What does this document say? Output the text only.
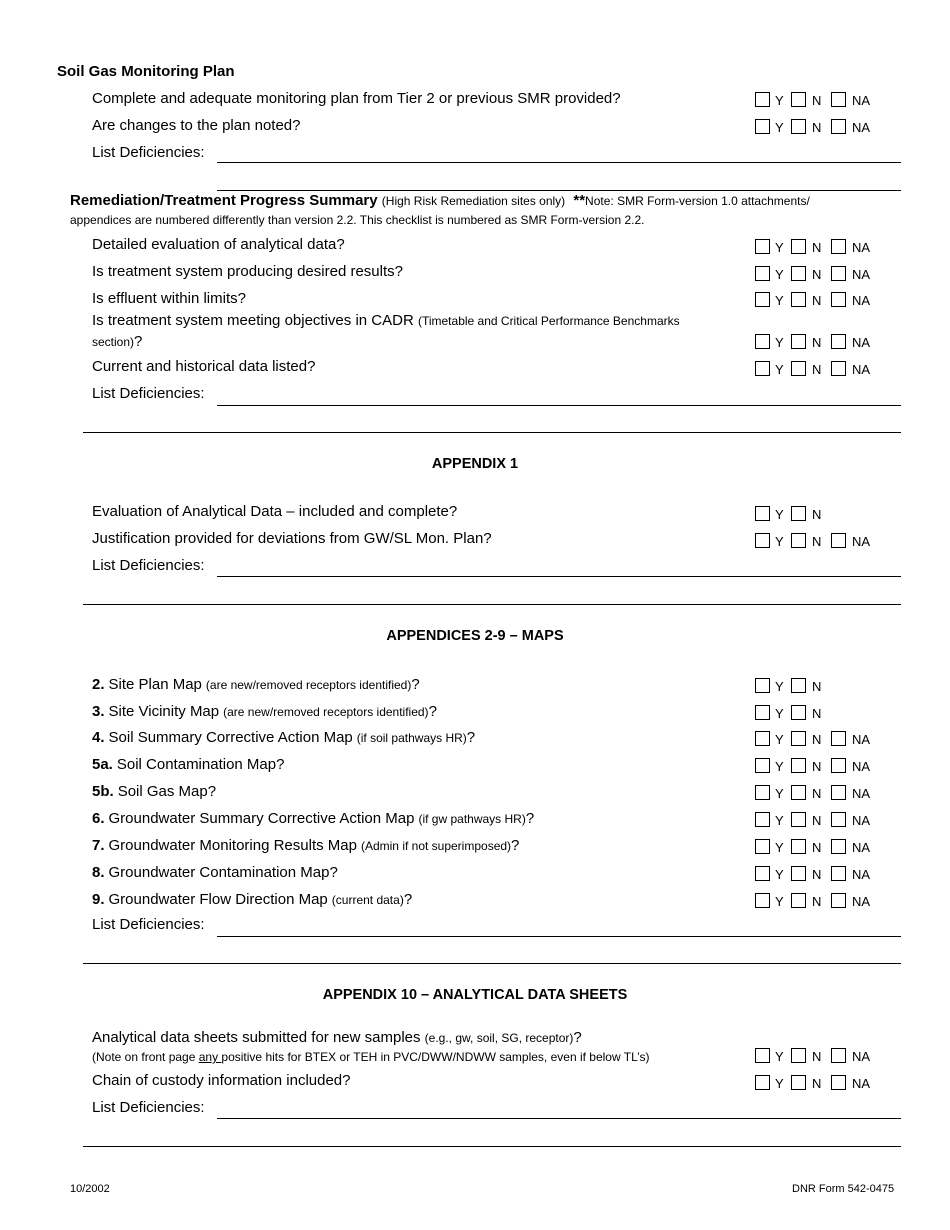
Soil Gas Monitoring Plan
Complete and adequate monitoring plan from Tier 2 or previous SMR provided?
Are changes to the plan noted?
List Deficiencies:
Remediation/Treatment Progress Summary (High Risk Remediation sites only) **Note: SMR Form-version 1.0 attachments/
appendices are numbered differently than version 2.2. This checklist is numbered as SMR Form-version 2.2.
Detailed evaluation of analytical data?
Is treatment system producing desired results?
Is effluent within limits?
Is treatment system meeting objectives in CADR (Timetable and Critical Performance Benchmarks
section)?
Current and historical data listed?
List Deficiencies:
APPENDIX 1
Evaluation of Analytical Data – included and complete?
Justification provided for deviations from GW/SL Mon. Plan?
List Deficiencies:
APPENDICES 2-9 – MAPS
2. Site Plan Map (are new/removed receptors identified)?
3. Site Vicinity Map (are new/removed receptors identified)?
4. Soil Summary Corrective Action Map (if soil pathways HR)?
5a. Soil Contamination Map?
5b. Soil Gas Map?
6. Groundwater Summary Corrective Action Map (if gw pathways HR)?
7. Groundwater Monitoring Results Map (Admin if not superimposed)?
8. Groundwater Contamination Map?
9. Groundwater Flow Direction Map (current data)?
List Deficiencies:
APPENDIX 10 – ANALYTICAL DATA SHEETS
Analytical data sheets submitted for new samples (e.g., gw, soil, SG, receptor)?
(Note on front page any positive hits for BTEX or TEH in PVC/DWW/NDWW samples, even if below TL’s)
Chain of custody information included?
List Deficiencies:
10/2002	DNR Form 542-0475
Y N NA
Y N NA
Y N NA
Y N NA
Y N NA
Y N NA
Y N NA
Y N
Y N NA
Y N
Y N
Y N NA
Y N NA
Y N NA
Y N NA
Y N NA
Y N NA
Y N NA
Y N NA
Y N NA
